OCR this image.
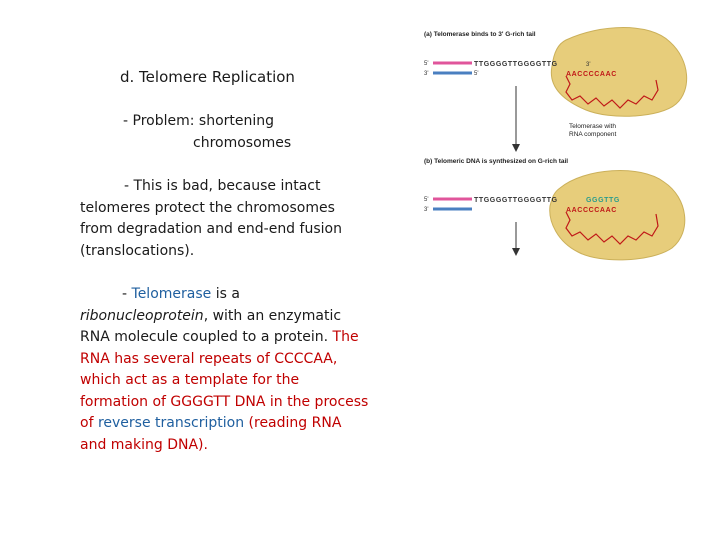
d. Telomere Replication
- Problem: shortening
chromosomes
- This is bad, because intact telomeres protect the chromosomes from degradation and end-end fusion (translocations).
- Telomerase is a ribonucleoprotein, with an enzymatic RNA molecule coupled to a protein. The RNA has several repeats of CCCCAA, which act as a template for the formation of GGGGTT DNA in the process of reverse transcription (reading RNA and making DNA).
(a) Telomerase binds to 3' G-rich tail
AACCCCAAC
5'	TTGGGGTTGGGGTTG	3'
3'	5'
Telomerase with
RNA component
(b) Telomeric DNA is synthesized on G-rich tail
AACCCCAAC
5'	TTGGGGTTGGGGTTG	GGGTTG
3'
